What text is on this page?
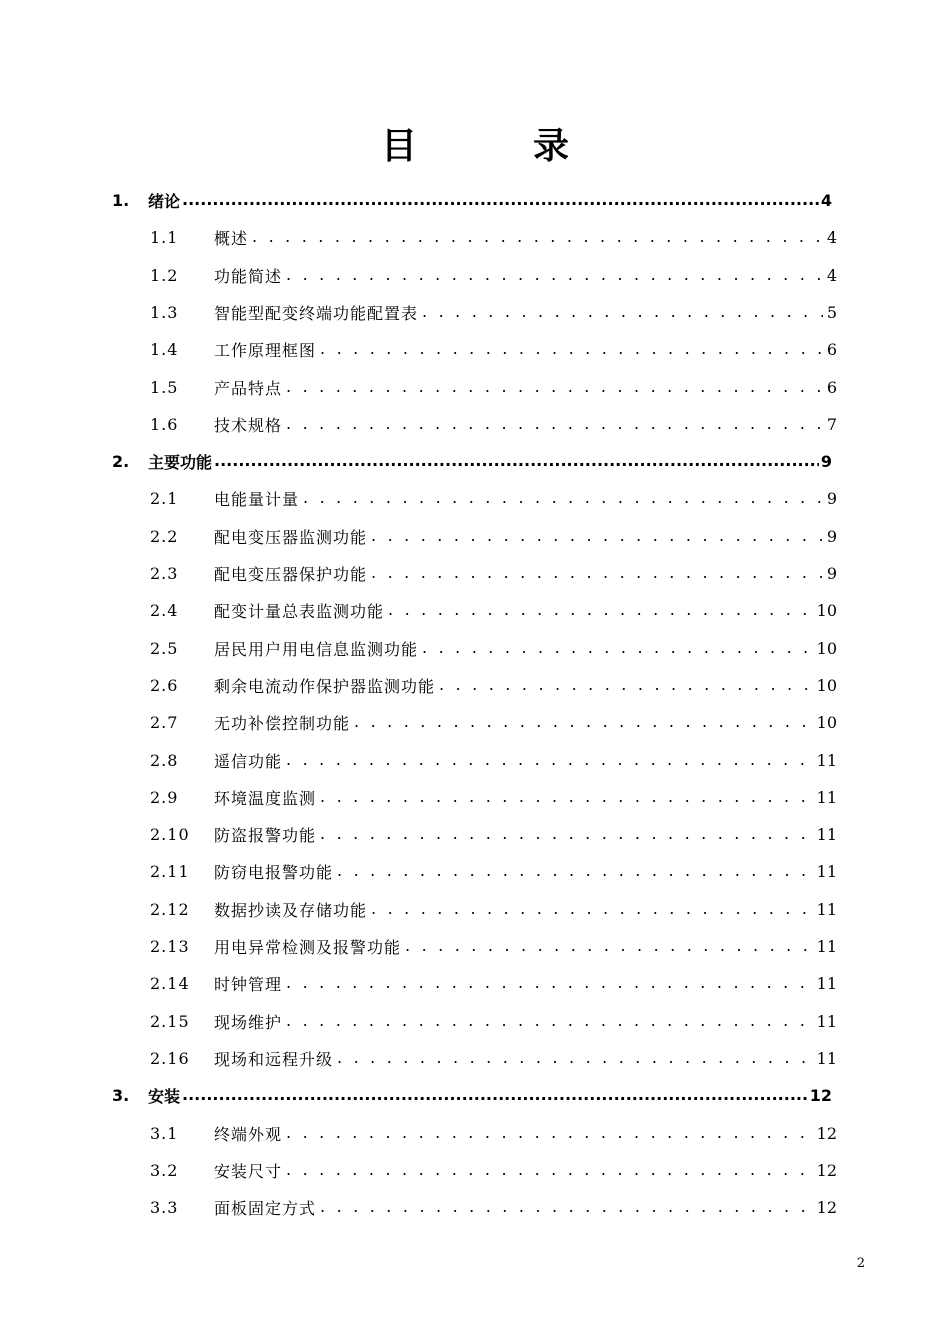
目　录
1.	绪论 .....	4
1.1	概述 . . .	4
1.2	功能简述 . . .	4
1.3	智能型配变终端功能配置表 . . .	5
1.4	工作原理框图 . . .	6
1.5	产品特点 . . .	6
1.6	技术规格 . . .	7
2.	主要功能 .....	9
2.1	电能量计量 . . .	9
2.2	配电变压器监测功能 . . .	9
2.3	配电变压器保护功能 . . .	9
2.4	配变计量总表监测功能 . . .	10
2.5	居民用户用电信息监测功能 . . .	10
2.6	剩余电流动作保护器监测功能 . . .	10
2.7	无功补偿控制功能 . . .	10
2.8	遥信功能 . . .	11
2.9	环境温度监测 . . .	11
2.10	防盗报警功能 . . .	11
2.11	防窃电报警功能 . . .	11
2.12	数据抄读及存储功能 . . .	11
2.13	用电异常检测及报警功能 . . .	11
2.14	时钟管理 . . .	11
2.15	现场维护 . . .	11
2.16	现场和远程升级 . . .	11
3.	安装 .....	12
3.1	终端外观 . . .	12
3.2	安装尺寸 . . .	12
3.3	面板固定方式 . . .	12
2
